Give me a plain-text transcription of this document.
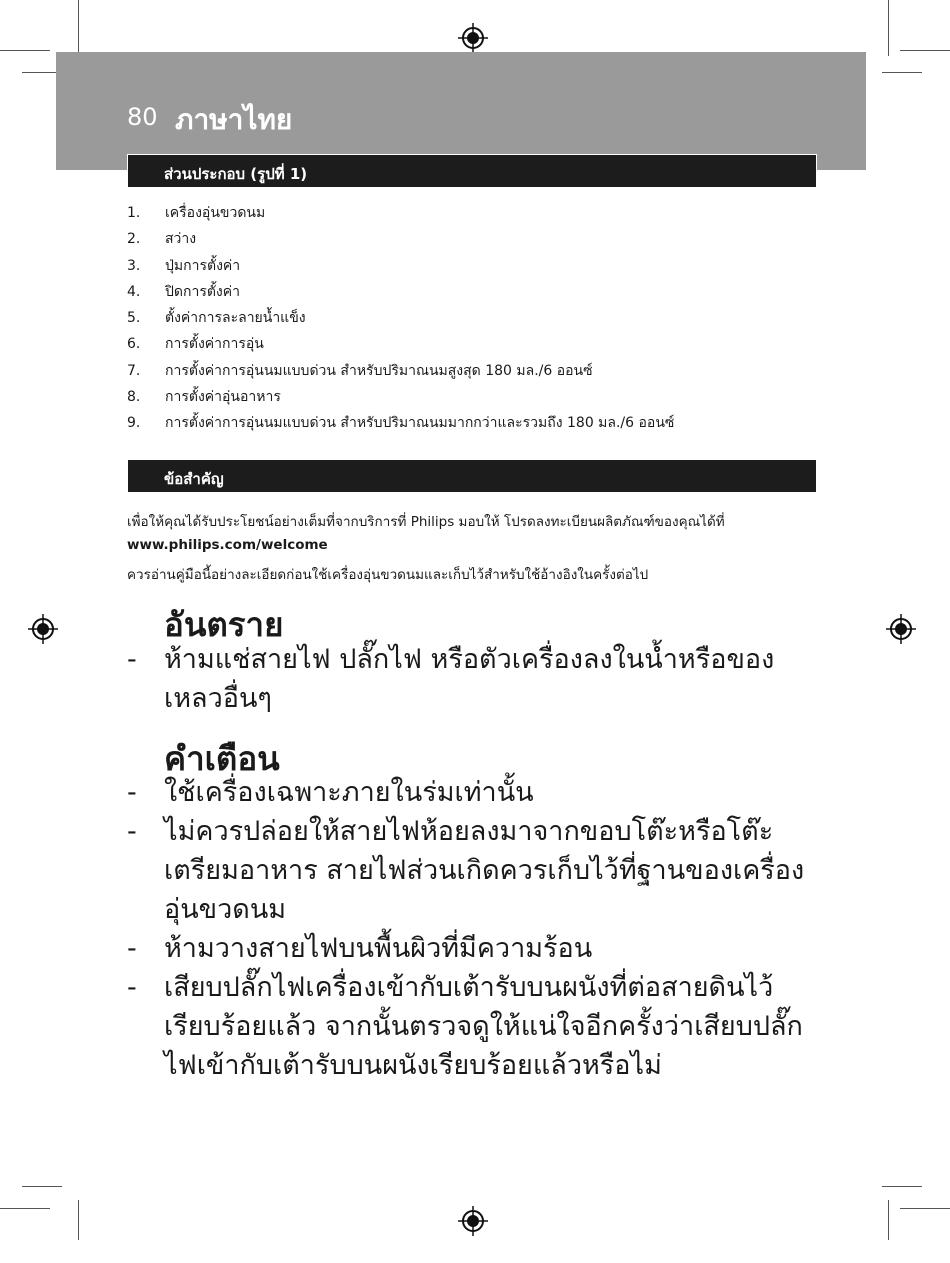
80 ภาษาไทย
ส่วนประกอบ (รูปที่ 1)
1. เครื่องอุ่นขวดนม
2. สว่าง
3. ปุ่มการตั้งค่า
4. ปิดการตั้งค่า
5. ตั้งค่าการละลายน้ำแข็ง
6. การตั้งค่าการอุ่น
7. การตั้งค่าการอุ่นนมแบบด่วน สำหรับปริมาณนมสูงสุด 180 มล./6 ออนซ์
8. การตั้งค่าอุ่นอาหาร
9. การตั้งค่าการอุ่นนมแบบด่วน สำหรับปริมาณนมมากกว่าและรวมถึง 180 มล./6 ออนซ์
ข้อสำคัญ
เพื่อให้คุณได้รับประโยชน์อย่างเต็มที่จากบริการที่ Philips มอบให้ โปรดลงทะเบียนผลิตภัณฑ์ของคุณได้ที่
www.philips.com/welcome
ควรอ่านคู่มือนี้อย่างละเอียดก่อนใช้เครื่องอุ่นขวดนมและเก็บไว้สำหรับใช้อ้างอิงในครั้งต่อไป
อันตราย
- ห้ามแช่สายไฟ ปลั๊กไฟ หรือตัวเครื่องลงในน้ำหรือของเหลวอื่นๆ
คำเตือน
- ใช้เครื่องเฉพาะภายในร่มเท่านั้น
- ไม่ควรปล่อยให้สายไฟห้อยลงมาจากขอบโต๊ะหรือโต๊ะเตรียมอาหาร สายไฟส่วนเกิดควรเก็บไว้ที่ฐานของเครื่องอุ่นขวดนม
- ห้ามวางสายไฟบนพื้นผิวที่มีความร้อน
- เสียบปลั๊กไฟเครื่องเข้ากับเต้ารับบนผนังที่ต่อสายดินไว้เรียบร้อยแล้ว จากนั้นตรวจดูให้แน่ใจอีกครั้งว่าเสียบปลั๊กไฟเข้ากับเต้ารับบนผนังเรียบร้อยแล้วหรือไม่
